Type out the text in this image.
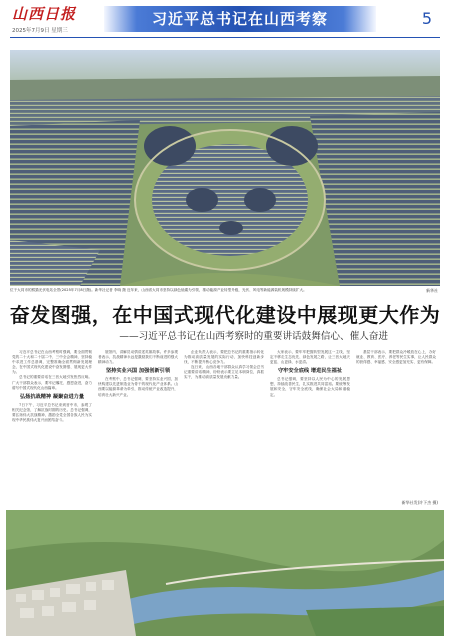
山西日报
2025年7月9日 星期三
习近平总书记在山西考察	5
位于大同市的熊猫光伏电站全景(2025年7月8日摄)。新华社记者 李响 摄 近年来，山西省大同市坚持以绿色低碳为引领，推动能源产业转型升级，光伏、风电等新能源装机规模持续扩大。	新华社
奋发图强，在中国式现代化建设中展现更大作为
——习近平总书记在山西考察时的重要讲话鼓舞信心、催人奋进

习近平总书记在山西考察时强调，要全面贯彻党的二十大和二十届二中、三中全会精神，坚持稳中求进工作总基调，完整准确全面贯彻新发展理念，在中国式现代化建设中奋发图强、展现更大作为。

总书记的重要讲话在三晋大地引发热烈反响。广大干部群众表示，要牢记嘱托、感恩奋进，奋力谱写中国式现代化山西篇章。

弘扬抗战精神 凝聚奋进力量

7日下午，习近平总书记来到晋中市，参观了相关纪念馆，了解抗战时期的历史。总书记强调，要弘扬伟大抗战精神，激励全党全国各族人民为实现中华民族伟大复兴而团结奋斗。

展馆内，讲解员动情讲述英雄故事。许多参观者表示，抗战精神永远是激励我们不断前进的强大精神动力。

坚持实业兴国 加强创新引领

在考察中，总书记强调，要坚持实业兴国，加快构建以先进制造业为骨干的现代化产业体系。山西要以能源革命为牵引，推动传统产业改造提升，培育壮大新兴产业。

企业负责人表示，要把总书记的重要指示转化为推动高质量发展的实际行动，加快科技创新步伐，不断提升核心竞争力。

连日来，山西各地干部群众认真学习领会总书记重要讲话精神，纷纷表示要立足本职岗位，真抓实干，为推动高质量发展贡献力量。

大家表示，要牢牢把握转型发展这一主线，坚定不移走生态优先、绿色发展之路，让三晋大地天更蓝、山更绿、水更清。

守牢安全底线 增进民生福祉

总书记强调，要坚持以人民为中心的发展思想，持续改善民生，扎实推进共同富裕。要统筹发展和安全，守牢安全底线，确保社会大局和谐稳定。

基层干部表示，要把群众冷暖放在心上，办好就业、教育、医疗、养老等民生实事，让人民群众的获得感、幸福感、安全感更加充实、更有保障。

新华社发(许下杰 摄)
